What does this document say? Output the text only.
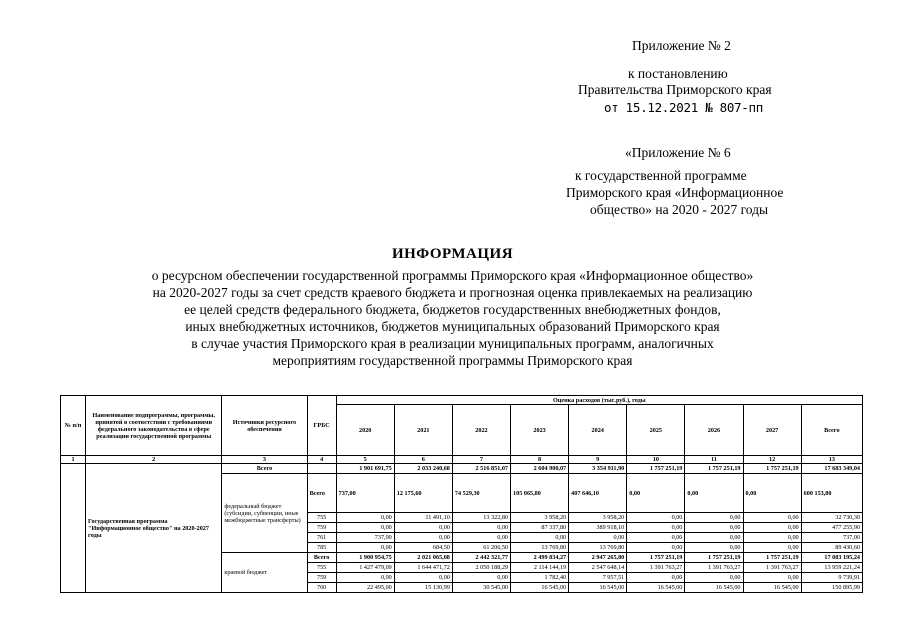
Приложение № 2
к постановлению
Правительства Приморского края
от 15.12.2021 № 807-пп
«Приложение № 6
к государственной программе
Приморского края «Информационное
общество» на 2020 - 2027 годы
ИНФОРМАЦИЯ
о ресурсном обеспечении государственной программы Приморского края «Информационное общество»
на 2020-2027 годы за счет средств краевого бюджета и прогнозная оценка привлекаемых на реализацию
ее целей средств федерального бюджета, бюджетов государственных внебюджетных фондов,
иных внебюджетных источников, бюджетов муниципальных образований Приморского края
в случае участия Приморского края в реализации муниципальных программ, аналогичных
мероприятиям государственной программы Приморского края
№ п/п	Наименование подпрограммы, программы, принятой в соответствии с требованиями федерального законодательства в сфере реализации государственной программы	Источники ресурсного обеспечения	ГРБС	Оценка расходов (тыс.руб.), годы								
				2020	2021	2022	2023	2024	2025	2026	2027	Всего
1	2	3	4	5	6	7	8	9	10	11	12	13
	Государственная программа "Информационное общество" на 2020-2027 годы	Всего		1 901 691,75	2 033 240,68	2 516 851,07	2 604 900,07	3 354 911,90	1 757 251,19	1 757 251,19	1 757 251,19	17 683 349,04
		федеральный бюджет (субсидии, субвенции, иные межбюджетные трансферты)	Всего	737,00	12 175,60	74 529,30	105 065,80	407 646,10	0,00	0,00	0,00	600 153,80
			755	0,00	11 491,10	13 322,80	3 958,20	3 958,20	0,00	0,00	0,00	32 730,30
			759	0,00	0,00	0,00	87 337,80	389 918,10	0,00	0,00	0,00	477 255,90
			761	737,00	0,00	0,00	0,00	0,00	0,00	0,00	0,00	737,00
			785	0,00	684,50	61 206,50	13 769,80	13 769,80	0,00	0,00	0,00	89 430,60
		краевой бюджет	Всего	1 900 954,75	2 021 065,08	2 442 321,77	2 499 834,27	2 947 265,80	1 757 251,19	1 757 251,19	1 757 251,19	17 083 195,24
			755	1 427 479,09	1 644 471,72	2 050 188,29	2 114 144,19	2 547 648,14	1 391 763,27	1 391 763,27	1 391 763,27	13 959 221,24
			759	0,00	0,00	0,00	1 782,40	7 957,51	0,00	0,00	0,00	9 739,91
			760	22 495,00	15 130,99	30 545,00	16 545,00	16 545,00	16 545,00	16 545,00	16 545,00	150 895,99
